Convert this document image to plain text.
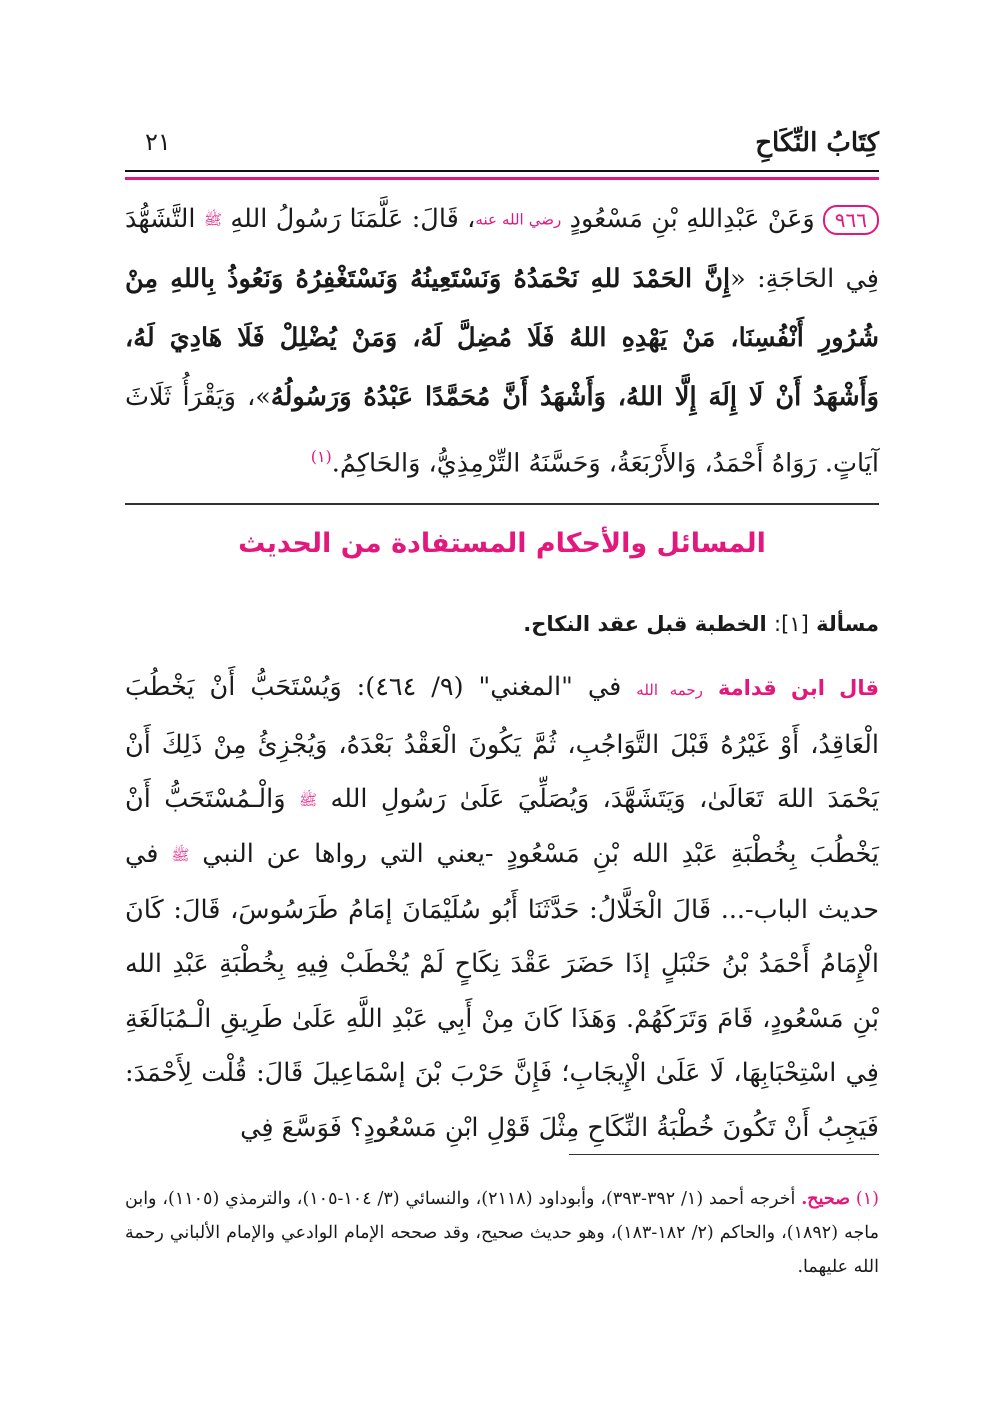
كِتَابُ النِّكَاحِ
٢١
٩٦٦وَعَنْ عَبْدِاللهِ بْنِ مَسْعُودٍ رضي الله عنه، قَالَ: عَلَّمَنَا رَسُولُ اللهِ ﷺ التَّشَهُّدَ فِي الحَاجَةِ: «إِنَّ الحَمْدَ للهِ نَحْمَدُهُ وَنَسْتَعِينُهُ وَنَسْتَغْفِرُهُ وَنَعُوذُ بِاللهِ مِنْ شُرُورِ أَنْفُسِنَا، مَنْ يَهْدِهِ اللهُ فَلَا مُضِلَّ لَهُ، وَمَنْ يُضْلِلْ فَلَا هَادِيَ لَهُ، وَأَشْهَدُ أَنْ لَا إِلَهَ إِلَّا اللهُ، وَأَشْهَدُ أَنَّ مُحَمَّدًا عَبْدُهُ وَرَسُولُهُ»، وَيَقْرَأُ ثَلَاثَ آيَاتٍ. رَوَاهُ أَحْمَدُ، وَالأَرْبَعَةُ، وَحَسَّنَهُ التِّرْمِذِيُّ، وَالحَاكِمُ.$^{(١)}$
المسائل والأحكام المستفادة من الحديث
مسألة [١]: الخطبة قبل عقد النكاح.
قال ابن قدامة رحمه الله في "المغني" (٩/ ٤٦٤): وَيُسْتَحَبُّ أَنْ يَخْطُبَ الْعَاقِدُ، أَوْ غَيْرُهُ قَبْلَ التَّوَاجُبِ، ثُمَّ يَكُونَ الْعَقْدُ بَعْدَهُ، وَيُجْزِئُ مِنْ ذَلِكَ أَنْ يَحْمَدَ اللهَ تَعَالَىٰ، وَيَتَشَهَّدَ، وَيُصَلِّيَ عَلَىٰ رَسُولِ الله ﷺ وَالْـمُسْتَحَبُّ أَنْ يَخْطُبَ بِخُطْبَةِ عَبْدِ الله بْنِ مَسْعُودٍ -يعني التي رواها عن النبي ﷺ في حديث الباب-... قَالَ الْخَلَّالُ: حَدَّثَنَا أَبُو سُلَيْمَانَ إمَامُ طَرَسُوسَ، قَالَ: كَانَ الْإِمَامُ أَحْمَدُ بْنُ حَنْبَلٍ إذَا حَضَرَ عَقْدَ نِكَاحٍ لَمْ يُخْطَبْ فِيهِ بِخُطْبَةِ عَبْدِ الله بْنِ مَسْعُودٍ، قَامَ وَتَرَكَهُمْ. وَهَذَا كَانَ مِنْ أَبِي عَبْدِ اللَّهِ عَلَىٰ طَرِيقِ الْـمُبَالَغَةِ فِي اسْتِحْبَابِهَا، لَا عَلَىٰ الْإِيجَابِ؛ فَإِنَّ حَرْبَ بْنَ إسْمَاعِيلَ قَالَ: قُلْت لِأَحْمَدَ: فَيَجِبُ أَنْ تَكُونَ خُطْبَةُ النِّكَاحِ مِثْلَ قَوْلِ ابْنِ مَسْعُودٍ؟ فَوَسَّعَ فِي
(١) صحيح. أخرجه أحمد (١/ ٣٩٢-٣٩٣)، وأبوداود (٢١١٨)، والنسائي (٣/ ١٠٤-١٠٥)، والترمذي (١١٠٥)، وابن ماجه (١٨٩٢)، والحاكم (٢/ ١٨٢-١٨٣)، وهو حديث صحيح، وقد صححه الإمام الوادعي والإمام الألباني رحمة الله عليهما.
